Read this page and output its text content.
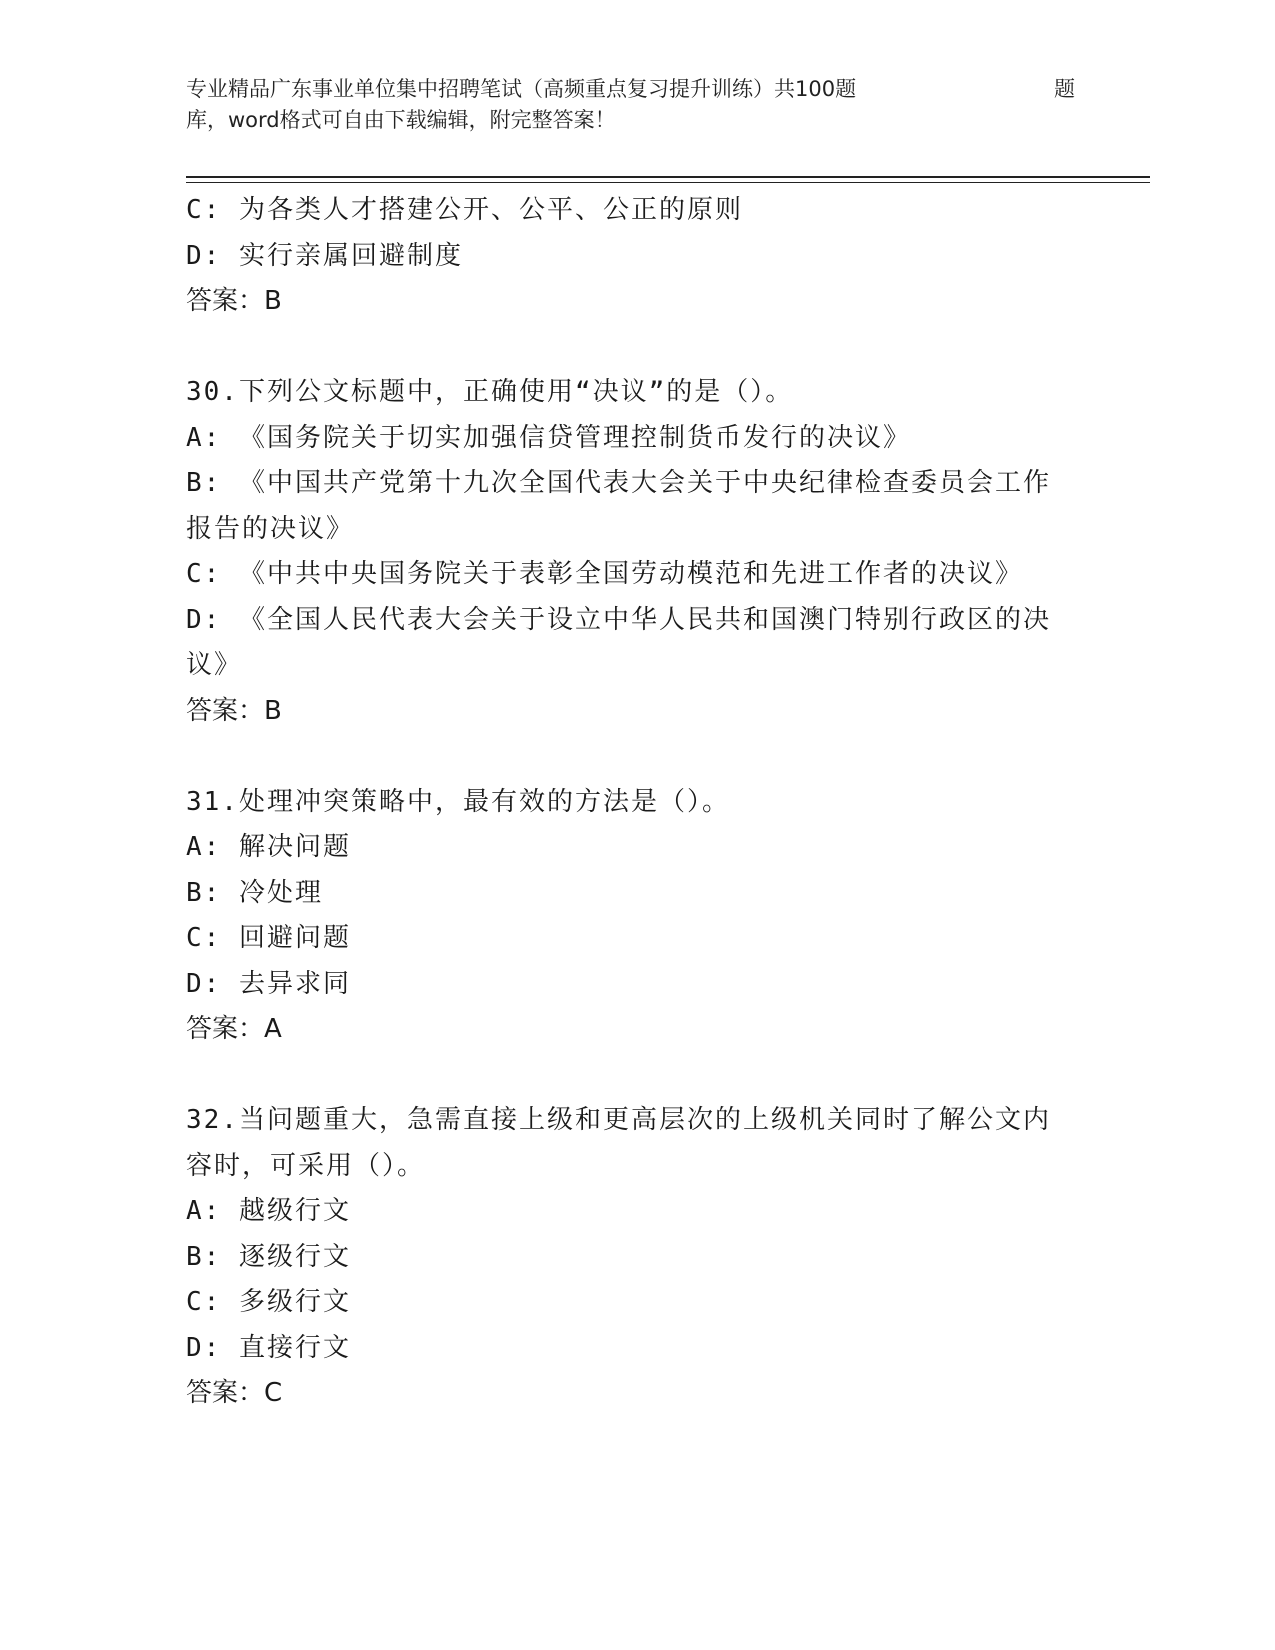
专业精品广东事业单位集中招聘笔试（高频重点复习提升训练）共100题
库，word格式可自由下载编辑，附完整答案！
题
C: 为各类人才搭建公开、公平、公正的原则
D: 实行亲属回避制度
答案：B
30.下列公文标题中，正确使用“决议”的是（）。
A: 《国务院关于切实加强信贷管理控制货币发行的决议》
B: 《中国共产党第十九次全国代表大会关于中央纪律检查委员会工作
报告的决议》
C: 《中共中央国务院关于表彰全国劳动模范和先进工作者的决议》
D: 《全国人民代表大会关于设立中华人民共和国澳门特别行政区的决
议》
答案：B
31.处理冲突策略中，最有效的方法是（）。
A: 解决问题
B: 冷处理
C: 回避问题
D: 去异求同
答案：A
32.当问题重大，急需直接上级和更高层次的上级机关同时了解公文内
容时，可采用（）。
A: 越级行文
B: 逐级行文
C: 多级行文
D: 直接行文
答案：C
